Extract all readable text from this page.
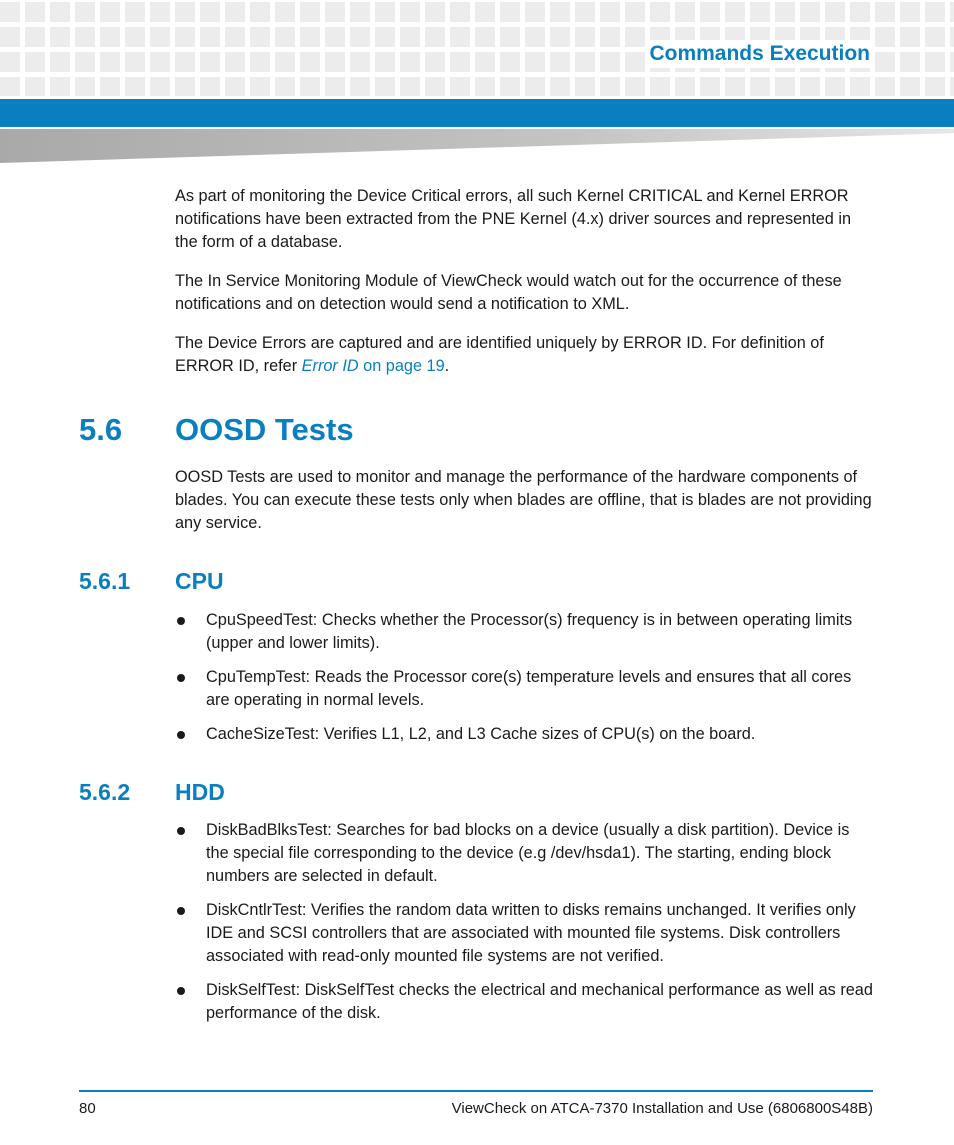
Commands Execution

As part of monitoring the Device Critical errors, all such Kernel CRITICAL and Kernel ERROR notifications have been extracted from the PNE Kernel (4.x) driver sources and represented in the form of a database.

The In Service Monitoring Module of ViewCheck would watch out for the occurrence of these notifications and on detection would send a notification to XML.

The Device Errors are captured and are identified uniquely by ERROR ID. For definition of ERROR ID, refer Error ID on page 19.

5.6 OOSD Tests

OOSD Tests are used to monitor and manage the performance of the hardware components of blades. You can execute these tests only when blades are offline, that is blades are not providing any service.

5.6.1 CPU
CpuSpeedTest: Checks whether the Processor(s) frequency is in between operating limits (upper and lower limits).
CpuTempTest: Reads the Processor core(s) temperature levels and ensures that all cores are operating in normal levels.
CacheSizeTest: Verifies L1, L2, and L3 Cache sizes of CPU(s) on the board.
5.6.2 HDD
DiskBadBlksTest: Searches for bad blocks on a device (usually a disk partition). Device is the special file corresponding to the device (e.g /dev/hsda1). The starting, ending block numbers are selected in default.
DiskCntlrTest: Verifies the random data written to disks remains unchanged. It verifies only IDE and SCSI controllers that are associated with mounted file systems. Disk controllers associated with read-only mounted file systems are not verified.
DiskSelfTest: DiskSelfTest checks the electrical and mechanical performance as well as read performance of the disk.
80	ViewCheck on ATCA-7370 Installation and Use (6806800S48B)
